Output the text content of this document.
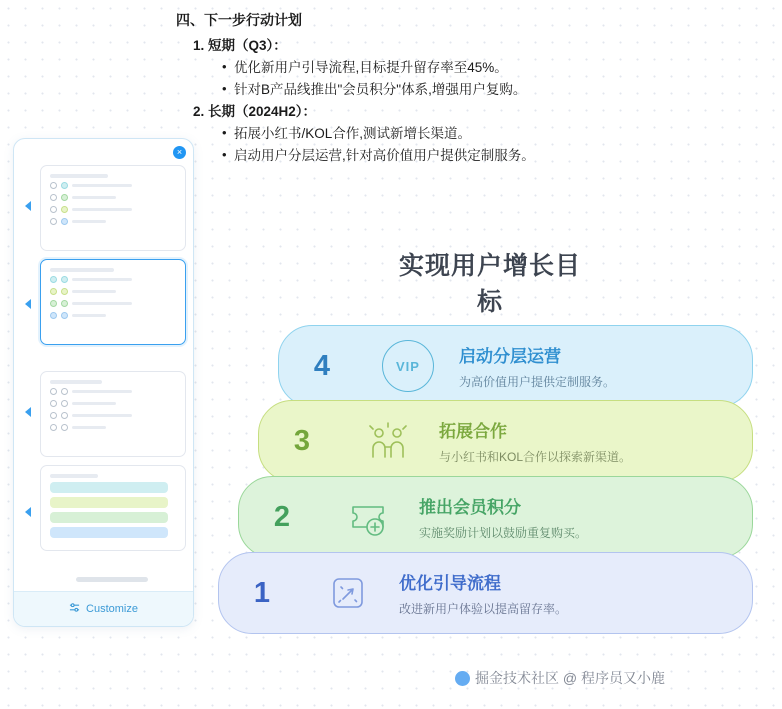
四、下一步行动计划
1. 短期（Q3）：
• 优化新用户引导流程,目标提升留存率至45%。
• 针对B产品线推出"会员积分"体系,增强用户复购。
2. 长期（2024H2）：
• 拓展小红书/KOL合作,测试新增长渠道。
• 启动用户分层运营,针对高价值用户提供定制服务。
×
Customize
实现用户增长目标
4	VIP	启动分层运营
为高价值用户提供定制服务。
3	拓展合作
与小红书和KOL合作以探索新渠道。
2	推出会员积分
实施奖励计划以鼓励重复购买。
1	优化引导流程
改进新用户体验以提高留存率。
掘金技术社区 @ 程序员又小鹿
